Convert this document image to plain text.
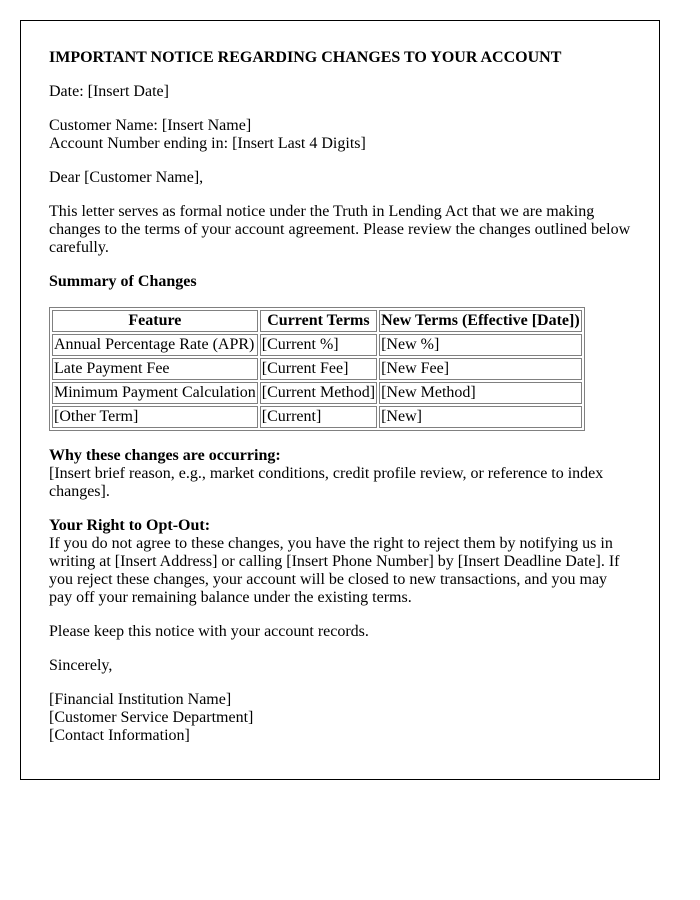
IMPORTANT NOTICE REGARDING CHANGES TO YOUR ACCOUNT

Date: [Insert Date]

Customer Name: [Insert Name]

Account Number ending in: [Insert Last 4 Digits]

Dear [Customer Name],

This letter serves as formal notice under the Truth in Lending Act that we are making changes to the terms of your account agreement. Please review the changes outlined below carefully.

Summary of Changes

Feature	Current Terms	New Terms (Effective [Date])
Annual Percentage Rate (APR)	[Current %]	[New %]
Late Payment Fee	[Current Fee]	[New Fee]
Minimum Payment Calculation	[Current Method]	[New Method]
[Other Term]	[Current]	[New]

Why these changes are occurring:

[Insert brief reason, e.g., market conditions, credit profile review, or reference to index changes].

Your Right to Opt-Out:

If you do not agree to these changes, you have the right to reject them by notifying us in writing at [Insert Address] or calling [Insert Phone Number] by [Insert Deadline Date]. If you reject these changes, your account will be closed to new transactions, and you may pay off your remaining balance under the existing terms.

Please keep this notice with your account records.

Sincerely,

[Financial Institution Name]

[Customer Service Department]

[Contact Information]
